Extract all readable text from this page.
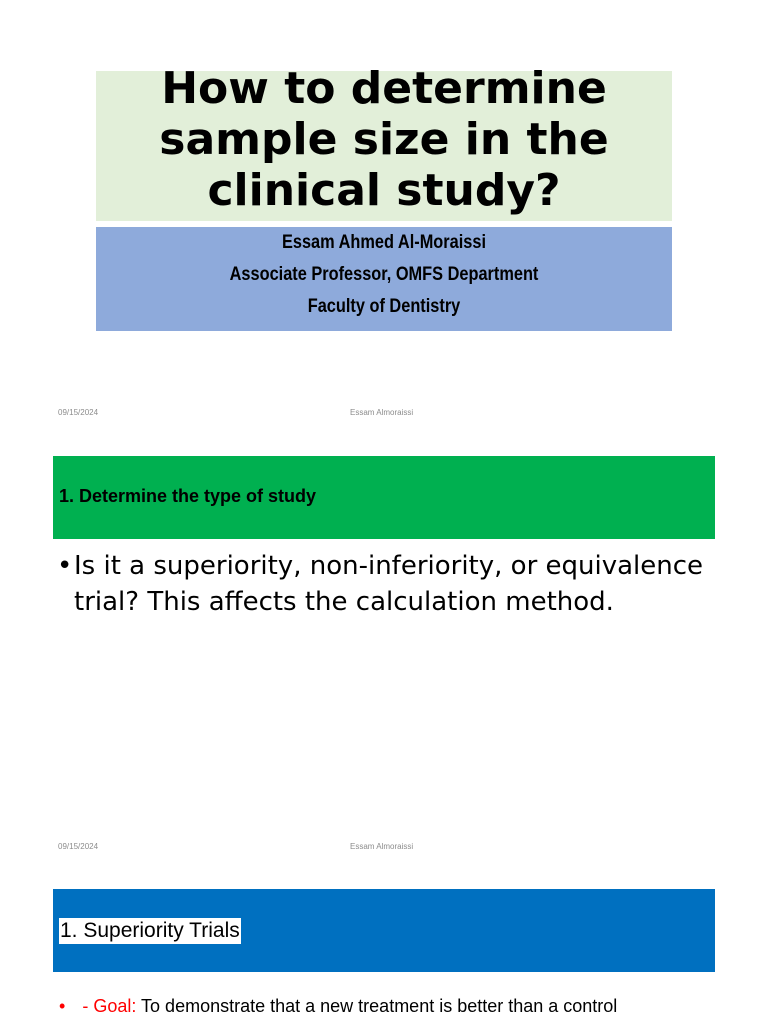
How to determine
sample size in the
clinical study?

Essam Ahmed Al-Moraissi
Associate Professor, OMFS Department
Faculty of Dentistry
09/15/2024	Essam Almoraissi

1. Determine the type of study

• Is it a superiority, non-inferiority, or equivalence trial? This affects the calculation method.
09/15/2024	Essam Almoraissi

1. Superiority Trials

• - Goal: To demonstrate that a new treatment is better than a control
